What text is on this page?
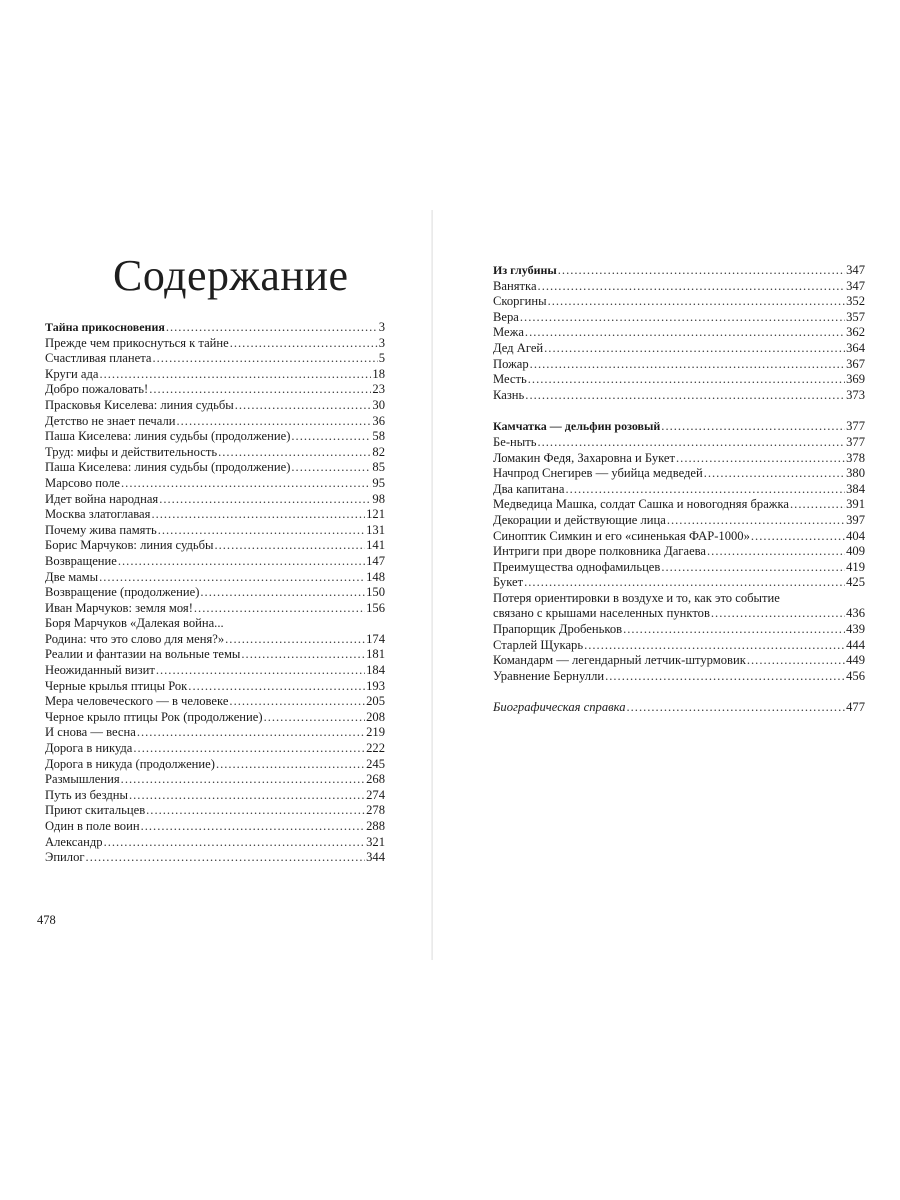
Содержание
Тайна прикосновения .....	3
Прежде чем прикоснуться к тайне .....	3
Счастливая планета .....	5
Круги ада .....	18
Добро пожаловать! .....	23
Прасковья Киселева: линия судьбы .....	30
Детство не знает печали .....	36
Паша Киселева: линия судьбы (продолжение) .....	58
Труд: мифы и действительность .....	82
Паша Киселева: линия судьбы (продолжение) .....	85
Марсово поле .....	95
Идет война народная .....	98
Москва златоглавая .....	121
Почему жива память .....	131
Борис Марчуков: линия судьбы .....	141
Возвращение .....	147
Две мамы .....	148
Возвращение (продолжение) .....	150
Иван Марчуков: земля моя! .....	156
Боря Марчуков «Далекая война...
Родина: что это слово для меня?» .....	174
Реалии и фантазии на вольные темы .....	181
Неожиданный визит .....	184
Черные крылья птицы Рок .....	193
Мера человеческого — в человеке .....	205
Черное крыло птицы Рок (продолжение) .....	208
И снова — весна .....	219
Дорога в никуда .....	222
Дорога в никуда (продолжение) .....	245
Размышления .....	268
Путь из бездны .....	274
Приют скитальцев .....	278
Один в поле воин .....	288
Александр .....	321
Эпилог .....	344
478
Из глубины .....	347
Ванятка .....	347
Скоргины .....	352
Вера .....	357
Межа .....	362
Дед Агей .....	364
Пожар .....	367
Месть .....	369
Казнь .....	373
Камчатка — дельфин розовый .....	377
Бе-ныть .....	377
Ломакин Федя, Захаровна и Букет .....	378
Начпрод Снегирев — убийца медведей .....	380
Два капитана .....	384
Медведица Машка, солдат Сашка и новогодняя бражка .....	391
Декорации и действующие лица .....	397
Синоптик Симкин и его «синенькая ФАР-1000» .....	404
Интриги при дворе полковника Дагаева .....	409
Преимущества однофамильцев .....	419
Букет .....	425
Потеря ориентировки в воздухе и то, как это событие
связано с крышами населенных пунктов .....	436
Прапорщик Дробеньков .....	439
Старлей Щукарь .....	444
Командарм — легендарный летчик-штурмовик .....	449
Уравнение Бернулли .....	456
Биографическая справка .....	477
